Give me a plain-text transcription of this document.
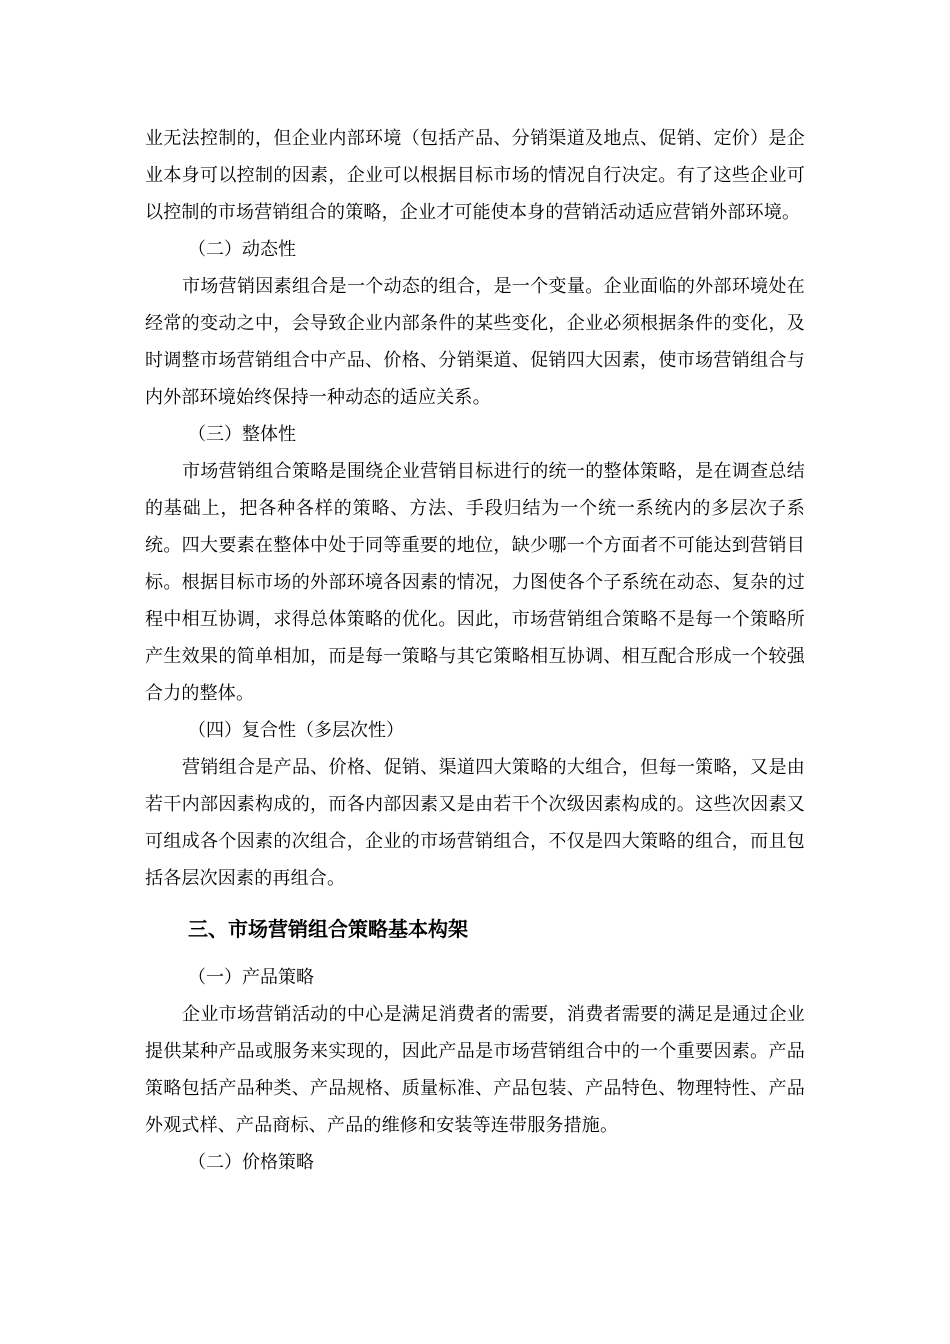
业无法控制的，但企业内部环境（包括产品、分销渠道及地点、促销、定价）是企业本身可以控制的因素，企业可以根据目标市场的情况自行决定。有了这些企业可以控制的市场营销组合的策略，企业才可能使本身的营销活动适应营销外部环境。

（二）动态性

市场营销因素组合是一个动态的组合，是一个变量。企业面临的外部环境处在经常的变动之中，会导致企业内部条件的某些变化，企业必须根据条件的变化，及时调整市场营销组合中产品、价格、分销渠道、促销四大因素，使市场营销组合与内外部环境始终保持一种动态的适应关系。

（三）整体性

市场营销组合策略是围绕企业营销目标进行的统一的整体策略，是在调查总结的基础上，把各种各样的策略、方法、手段归结为一个统一系统内的多层次子系统。四大要素在整体中处于同等重要的地位，缺少哪一个方面者不可能达到营销目标。根据目标市场的外部环境各因素的情况，力图使各个子系统在动态、复杂的过程中相互协调，求得总体策略的优化。因此，市场营销组合策略不是每一个策略所产生效果的简单相加，而是每一策略与其它策略相互协调、相互配合形成一个较强合力的整体。

（四）复合性（多层次性）

营销组合是产品、价格、促销、渠道四大策略的大组合，但每一策略，又是由若干内部因素构成的，而各内部因素又是由若干个次级因素构成的。这些次因素又可组成各个因素的次组合，企业的市场营销组合，不仅是四大策略的组合，而且包括各层次因素的再组合。

三、市场营销组合策略基本构架

（一）产品策略

企业市场营销活动的中心是满足消费者的需要，消费者需要的满足是通过企业提供某种产品或服务来实现的，因此产品是市场营销组合中的一个重要因素。产品策略包括产品种类、产品规格、质量标准、产品包装、产品特色、物理特性、产品外观式样、产品商标、产品的维修和安装等连带服务措施。

（二）价格策略
